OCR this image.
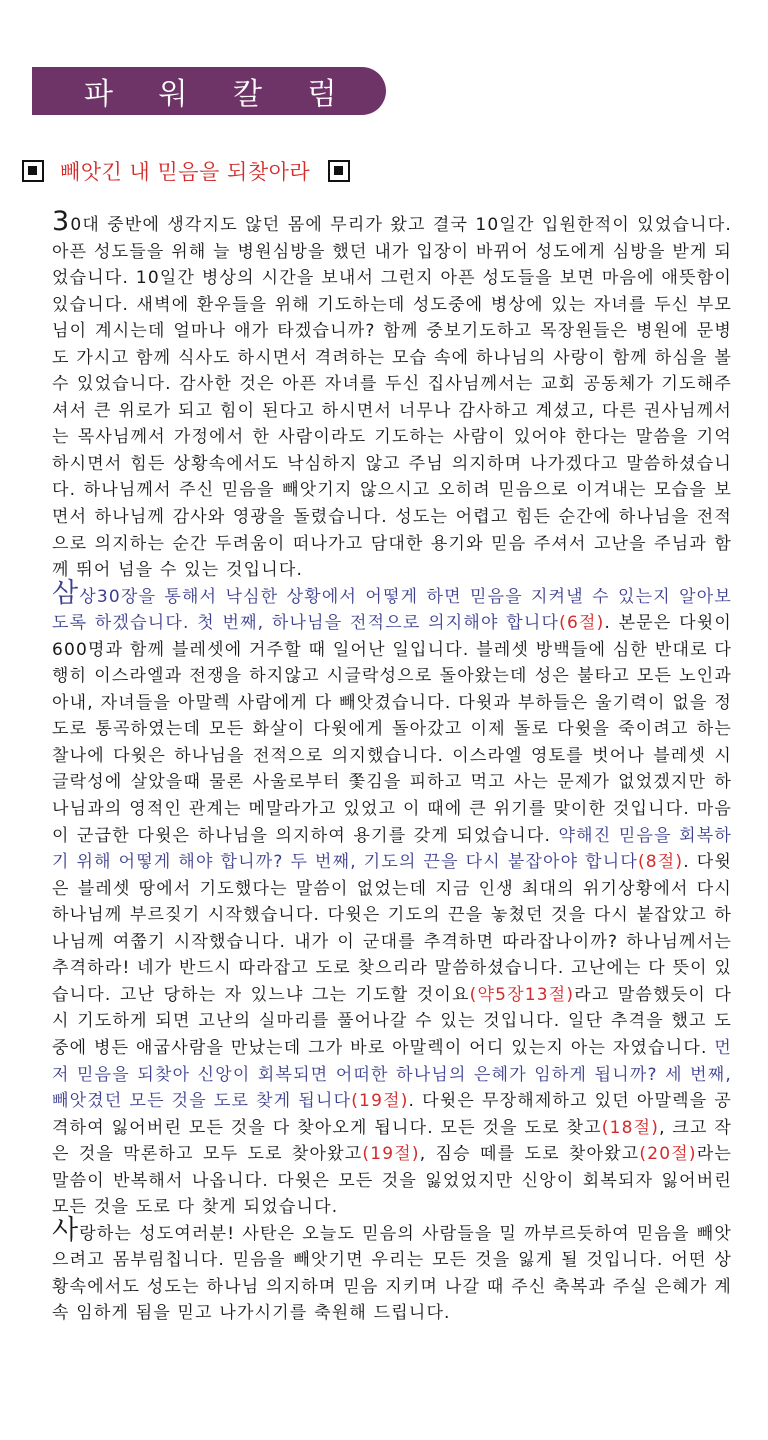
파 워 칼 럼
빼앗긴 내 믿음을 되찾아라

30대 중반에 생각지도 않던 몸에 무리가 왔고 결국 10일간 입원한적이 있었습니다. 아픈 성도들을 위해 늘 병원심방을 했던 내가 입장이 바뀌어 성도에게 심방을 받게 되었습니다. 10일간 병상의 시간을 보내서 그런지 아픈 성도들을 보면 마음에 애뜻함이 있습니다. 새벽에 환우들을 위해 기도하는데 성도중에 병상에 있는 자녀를 두신 부모님이 계시는데 얼마나 애가 타겠습니까? 함께 중보기도하고 목장원들은 병원에 문병도 가시고 함께 식사도 하시면서 격려하는 모습 속에 하나님의 사랑이 함께 하심을 볼 수 있었습니다. 감사한 것은 아픈 자녀를 두신 집사님께서는 교회 공동체가 기도해주셔서 큰 위로가 되고 힘이 된다고 하시면서 너무나 감사하고 계셨고, 다른 권사님께서는 목사님께서 가정에서 한 사람이라도 기도하는 사람이 있어야 한다는 말씀을 기억하시면서 힘든 상황속에서도 낙심하지 않고 주님 의지하며 나가겠다고 말씀하셨습니다. 하나님께서 주신 믿음을 빼앗기지 않으시고 오히려 믿음으로 이겨내는 모습을 보면서 하나님께 감사와 영광을 돌렸습니다. 성도는 어렵고 힘든 순간에 하나님을 전적으로 의지하는 순간 두려움이 떠나가고 담대한 용기와 믿음 주셔서 고난을 주님과 함께 뛰어 넘을 수 있는 것입니다.

삼상30장을 통해서 낙심한 상황에서 어떻게 하면 믿음을 지켜낼 수 있는지 알아보도록 하겠습니다. 첫 번째, 하나님을 전적으로 의지해야 합니다(6절). 본문은 다윗이 600명과 함께 블레셋에 거주할 때 일어난 일입니다. 블레셋 방백들에 심한 반대로 다행히 이스라엘과 전쟁을 하지않고 시글락성으로 돌아왔는데 성은 불타고 모든 노인과 아내, 자녀들을 아말렉 사람에게 다 빼앗겼습니다. 다윗과 부하들은 울기력이 없을 정도로 통곡하였는데 모든 화살이 다윗에게 돌아갔고 이제 돌로 다윗을 죽이려고 하는 찰나에 다윗은 하나님을 전적으로 의지했습니다. 이스라엘 영토를 벗어나 블레셋 시글락성에 살았을때 물론 사울로부터 쫓김을 피하고 먹고 사는 문제가 없었겠지만 하나님과의 영적인 관계는 메말라가고 있었고 이 때에 큰 위기를 맞이한 것입니다. 마음이 군급한 다윗은 하나님을 의지하여 용기를 갖게 되었습니다. 약해진 믿음을 회복하기 위해 어떻게 해야 합니까? 두 번째, 기도의 끈을 다시 붙잡아야 합니다(8절). 다윗은 블레셋 땅에서 기도했다는 말씀이 없었는데 지금 인생 최대의 위기상황에서 다시 하나님께 부르짖기 시작했습니다. 다윗은 기도의 끈을 놓쳤던 것을 다시 붙잡았고 하나님께 여쭙기 시작했습니다. 내가 이 군대를 추격하면 따라잡나이까? 하나님께서는 추격하라! 네가 반드시 따라잡고 도로 찾으리라 말씀하셨습니다. 고난에는 다 뜻이 있습니다. 고난 당하는 자 있느냐 그는 기도할 것이요(약5장13절)라고 말씀했듯이 다시 기도하게 되면 고난의 실마리를 풀어나갈 수 있는 것입니다. 일단 추격을 했고 도중에 병든 애굽사람을 만났는데 그가 바로 아말렉이 어디 있는지 아는 자였습니다. 먼저 믿음을 되찾아 신앙이 회복되면 어떠한 하나님의 은혜가 임하게 됩니까? 세 번째, 빼앗겼던 모든 것을 도로 찾게 됩니다(19절). 다윗은 무장해제하고 있던 아말렉을 공격하여 잃어버린 모든 것을 다 찾아오게 됩니다. 모든 것을 도로 찾고(18절), 크고 작은 것을 막론하고 모두 도로 찾아왔고(19절), 짐승 떼를 도로 찾아왔고(20절)라는 말씀이 반복해서 나옵니다. 다윗은 모든 것을 잃었었지만 신앙이 회복되자 잃어버린 모든 것을 도로 다 찾게 되었습니다.

사랑하는 성도여러분! 사탄은 오늘도 믿음의 사람들을 밀 까부르듯하여 믿음을 빼앗으려고 몸부림칩니다. 믿음을 빼앗기면 우리는 모든 것을 잃게 될 것입니다. 어떤 상황속에서도 성도는 하나님 의지하며 믿음 지키며 나갈 때 주신 축복과 주실 은혜가 계속 임하게 됨을 믿고 나가시기를 축원해 드립니다.
